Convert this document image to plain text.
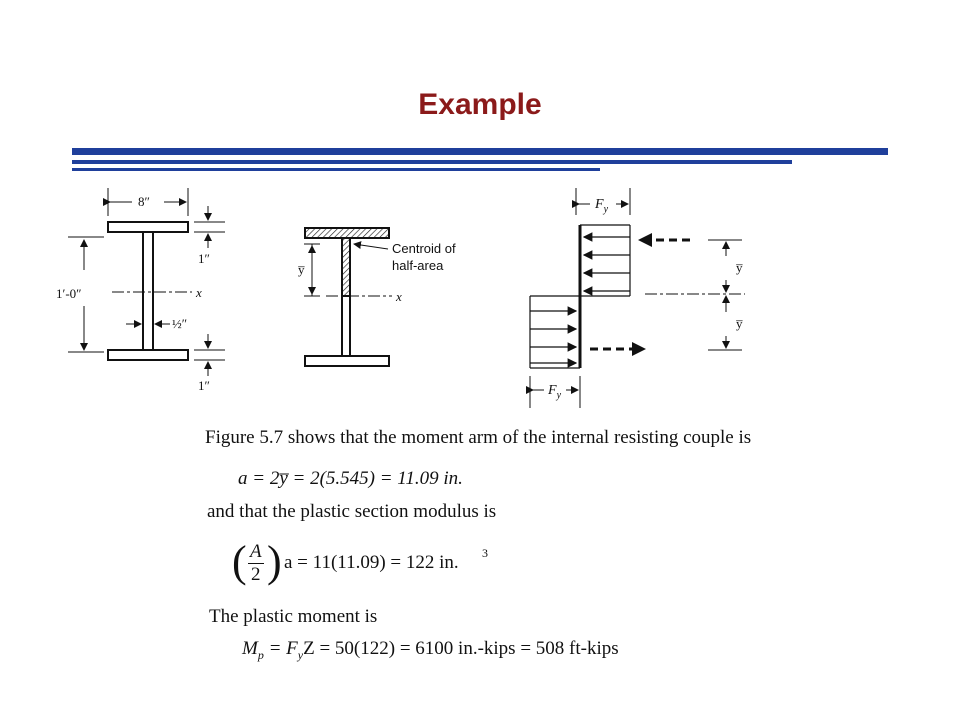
Example
8″
1″
1′-0″	x
½″
1″
y̅
x
Centroid of
half-area
$F_y$
$F_y$
y̅
y̅
Figure 5.7 shows that the moment arm of the internal resisting couple is
a = 2y̅ = 2(5.545) = 11.09 in.
and that the plastic section modulus is
( A
2 ) a = 11(11.09) = 122 in. 3
The plastic moment is
$M_p = F_yZ = 50(122) = 6100$ in.-kips = 508 ft-kips
